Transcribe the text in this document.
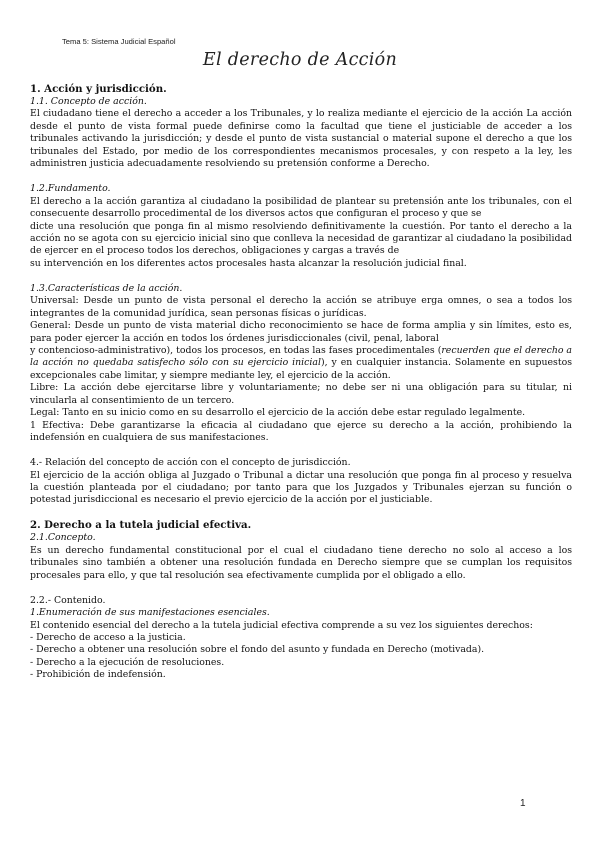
Tema 5: Sistema Judicial Español
El derecho de Acción
1. Acción y jurisdicción.
1.1. Concepto de acción.
El ciudadano tiene el derecho a acceder a los Tribunales, y lo realiza mediante el ejercicio de la acción La acción desde el punto de vista formal puede definirse como la facultad que tiene el justiciable de acceder a los tribunales activando la jurisdicción; y desde el punto de vista sustancial o material supone el derecho a que los tribunales del Estado, por medio de los correspondientes mecanismos procesales, y con respeto a la ley, les administren justicia adecuadamente resolviendo su pretensión conforme a Derecho.
1.2.Fundamento.
El derecho a la acción garantiza al ciudadano la posibilidad de plantear su pretensión ante los tribunales, con el consecuente desarrollo procedimental de los diversos actos que configuran el proceso y que se
dicte una resolución que ponga fin al mismo resolviendo definitivamente la cuestión. Por tanto el derecho a la acción no se agota con su ejercicio inicial sino que conlleva la necesidad de garantizar al ciudadano la posibilidad de ejercer en el proceso todos los derechos, obligaciones y cargas a través de
su intervención en los diferentes actos procesales hasta alcanzar la resolución judicial final.
1.3.Características de la acción.
Universal: Desde un punto de vista personal el derecho la acción se atribuye erga omnes, o sea a todos los integrantes de la comunidad jurídica, sean personas físicas o jurídicas.
General: Desde un punto de vista material dicho reconocimiento se hace de forma amplia y sin límites, esto es, para poder ejercer la acción en todos los órdenes jurisdiccionales (civil, penal, laboral
y contencioso-administrativo), todos los procesos, en todas las fases procedimentales (recuerden que el derecho a la acción no quedaba satisfecho sólo con su ejercicio inicial), y en cualquier instancia. Solamente en supuestos excepcionales cabe limitar, y siempre mediante ley, el ejercicio de la acción.
Libre: La acción debe ejercitarse libre y voluntariamente; no debe ser ni una obligación para su titular, ni vincularla al consentimiento de un tercero.
Legal: Tanto en su inicio como en su desarrollo el ejercicio de la acción debe estar regulado legalmente.
1 Efectiva: Debe garantizarse la eficacia al ciudadano que ejerce su derecho a la acción, prohibiendo la indefensión en cualquiera de sus manifestaciones.
4.- Relación del concepto de acción con el concepto de jurisdicción.
El ejercicio de la acción obliga al Juzgado o Tribunal a dictar una resolución que ponga fin al proceso y resuelva la cuestión planteada por el ciudadano; por tanto para que los Juzgados y Tribunales ejerzan su función o potestad jurisdiccional es necesario el previo ejercicio de la acción por el justiciable.
2. Derecho a la tutela judicial efectiva.
2.1.Concepto.
Es un derecho fundamental constitucional por el cual el ciudadano tiene derecho no solo al acceso a los tribunales sino también a obtener una resolución fundada en Derecho siempre que se cumplan los requisitos procesales para ello, y que tal resolución sea efectivamente cumplida por el obligado a ello.
2.2.- Contenido.
1.Enumeración de sus manifestaciones esenciales.
El contenido esencial del derecho a la tutela judicial efectiva comprende a su vez los siguientes derechos:
- Derecho de acceso a la justicia.
- Derecho a obtener una resolución sobre el fondo del asunto y fundada en Derecho (motivada).
- Derecho a la ejecución de resoluciones.
- Prohibición de indefensión.
1
